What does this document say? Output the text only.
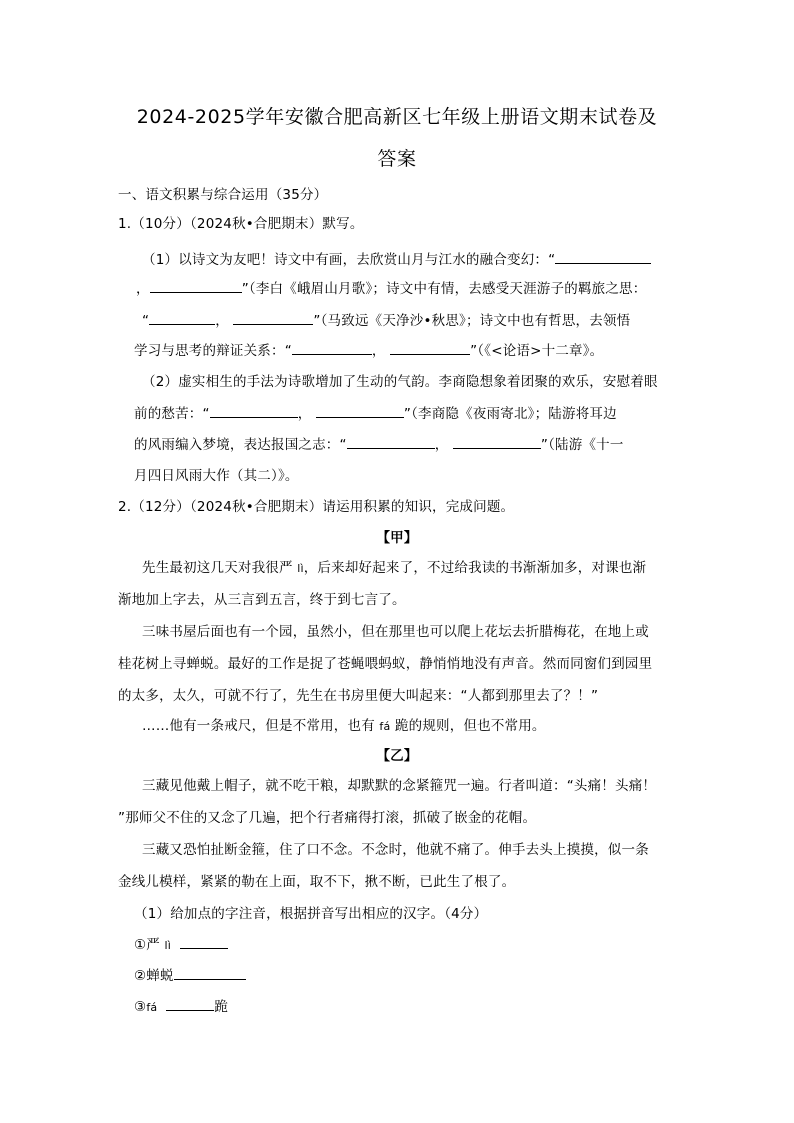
2024-2025学年安徽合肥高新区七年级上册语文期末试卷及
答案
一、语文积累与综合运用（35分）
1.（10分）（2024秋•合肥期末）默写。
（1）以诗文为友吧！诗文中有画，去欣赏山月与江水的融合变幻：“
，	”（李白《峨眉山月歌》；诗文中有情，去感受天涯游子的羁旅之思：
“	，	”（马致远《天净沙•秋思》；诗文中也有哲思，去领悟
学习与思考的辩证关系：“	，	”（《<论语>十二章》。
（2）虚实相生的手法为诗歌增加了生动的气韵。李商隐想象着团聚的欢乐，安慰着眼
前的愁苦：“	，	”（李商隐《夜雨寄北》；陆游将耳边
的风雨编入梦境，表达报国之志：“	，	”（陆游《十一
月四日风雨大作（其二）》。
2.（12分）（2024秋•合肥期末）请运用积累的知识，完成问题。
【甲】
先生最初这几天对我很严 lì，后来却好起来了，不过给我读的书渐渐加多，对课也渐
渐地加上字去，从三言到五言，终于到七言了。
三味书屋后面也有一个园，虽然小，但在那里也可以爬上花坛去折腊梅花，在地上或
桂花树上寻蝉蜕。最好的工作是捉了苍蝇喂蚂蚁，静悄悄地没有声音。然而同窗们到园里
的太多，太久，可就不行了，先生在书房里便大叫起来：“人都到那里去了？！”
……他有一条戒尺，但是不常用，也有 fá 跪的规则，但也不常用。
【乙】
三藏见他戴上帽子，就不吃干粮，却默默的念紧箍咒一遍。行者叫道：“头痛！头痛！
”那师父不住的又念了几遍，把个行者痛得打滚，抓破了嵌金的花帽。
三藏又恐怕扯断金箍，住了口不念。不念时，他就不痛了。伸手去头上摸摸，似一条
金线儿模样，紧紧的勒在上面，取不下，揪不断，已此生了根了。
（1）给加点的字注音，根据拼音写出相应的汉字。（4分）
①严 lì
②蝉蜕
③fá	跪
